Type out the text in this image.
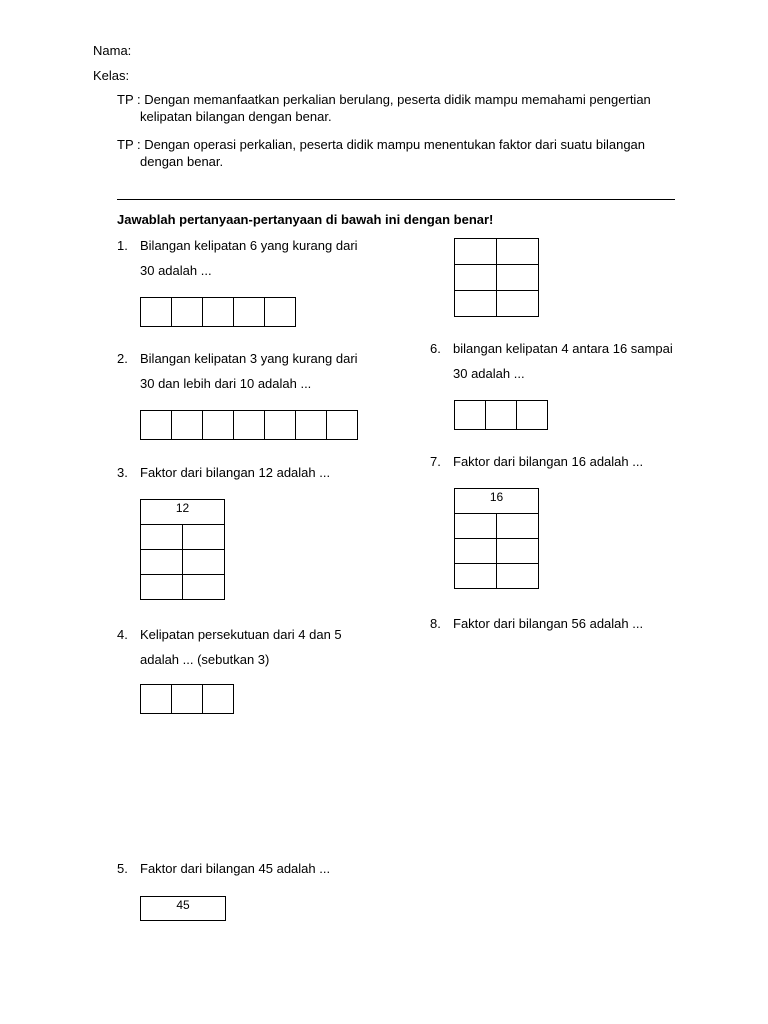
Nama:
Kelas:
TP : Dengan memanfaatkan perkalian berulang, peserta didik mampu memahami pengertian
kelipatan bilangan dengan benar.
TP : Dengan operasi perkalian, peserta didik mampu menentukan faktor dari suatu bilangan
dengan benar.
Jawablah pertanyaan-pertanyaan di bawah ini dengan benar!
1. Bilangan kelipatan 6 yang kurang dari
30 adalah ...

2. Bilangan kelipatan 3 yang kurang dari
30 dan lebih dari 10 adalah ...

3. Faktor dari bilangan 12 adalah ...
12	

4. Kelipatan persekutuan dari 4 dan 5
adalah ... (sebutkan 3)

5. Faktor dari bilangan 45 adalah ...
45

6. bilangan kelipatan 4 antara 16 sampai
30 adalah ...

7. Faktor dari bilangan 16 adalah ...
16	

8. Faktor dari bilangan 56 adalah ...
